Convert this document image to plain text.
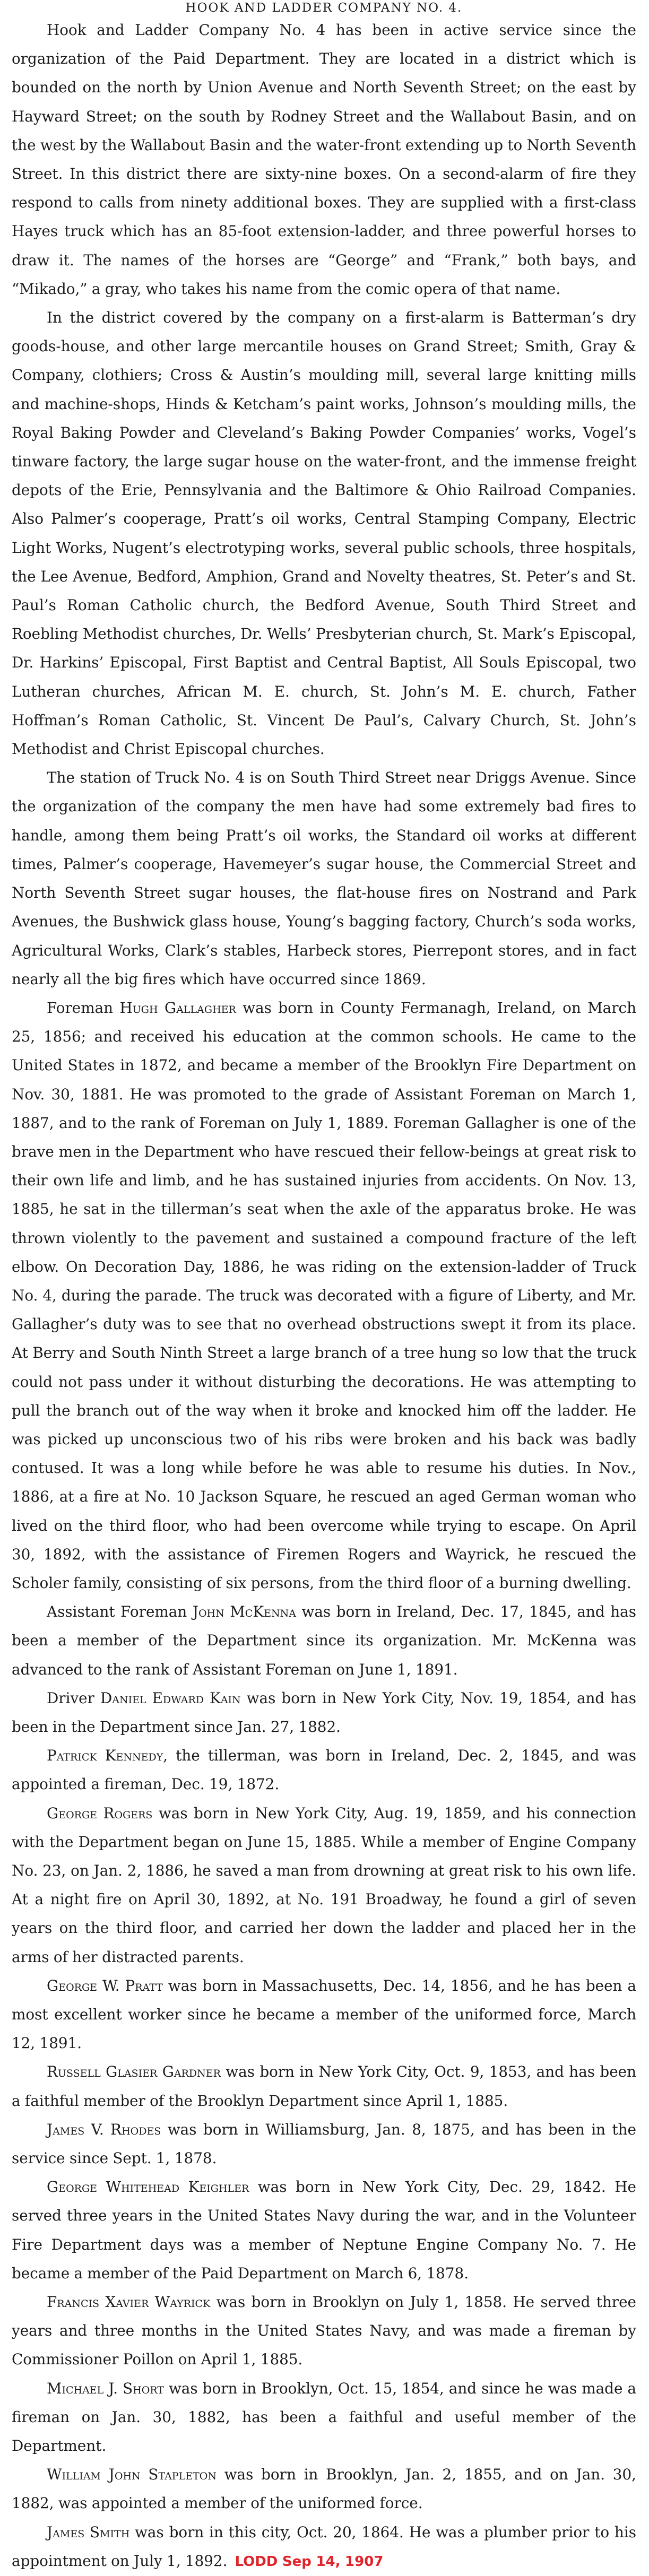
HOOK AND LADDER COMPANY NO. 4.

Hook and Ladder Company No. 4 has been in active service since the organization of the Paid Department. They are located in a district which is bounded on the north by Union Avenue and North Seventh Street; on the east by Hayward Street; on the south by Rodney Street and the Wallabout Basin, and on the west by the Wallabout Basin and the water-front extending up to North Seventh Street. In this district there are sixty-nine boxes. On a second-alarm of fire they respond to calls from ninety additional boxes. They are supplied with a first-class Hayes truck which has an 85-foot extension-ladder, and three powerful horses to draw it. The names of the horses are “George” and “Frank,” both bays, and “Mikado,” a gray, who takes his name from the comic opera of that name.

In the district covered by the company on a first-alarm is Batterman’s dry goods-house, and other large mercantile houses on Grand Street; Smith, Gray & Company, clothiers; Cross & Austin’s moulding mill, several large knitting mills and machine-shops, Hinds & Ketcham’s paint works, Johnson’s moulding mills, the Royal Baking Powder and Cleveland’s Baking Powder Companies’ works, Vogel’s tinware factory, the large sugar house on the water-front, and the immense freight depots of the Erie, Pennsylvania and the Baltimore & Ohio Railroad Companies. Also Palmer’s cooperage, Pratt’s oil works, Central Stamping Company, Electric Light Works, Nugent’s electrotyping works, several public schools, three hospitals, the Lee Avenue, Bedford, Amphion, Grand and Novelty theatres, St. Peter’s and St. Paul’s Roman Catholic church, the Bedford Avenue, South Third Street and Roebling Methodist churches, Dr. Wells’ Presbyterian church, St. Mark’s Episcopal, Dr. Harkins’ Episcopal, First Baptist and Central Baptist, All Souls Episcopal, two Lutheran churches, African M. E. church, St. John’s M. E. church, Father Hoffman’s Roman Catholic, St. Vincent De Paul’s, Calvary Church, St. John’s Methodist and Christ Episcopal churches.

The station of Truck No. 4 is on South Third Street near Driggs Avenue. Since the organization of the company the men have had some extremely bad fires to handle, among them being Pratt’s oil works, the Standard oil works at different times, Palmer’s cooperage, Havemeyer’s sugar house, the Commercial Street and North Seventh Street sugar houses, the flat-house fires on Nostrand and Park Avenues, the Bushwick glass house, Young’s bagging factory, Church’s soda works, Agricultural Works, Clark’s stables, Harbeck stores, Pierrepont stores, and in fact nearly all the big fires which have occurred since 1869.

Foreman Hugh Gallagher was born in County Fermanagh, Ireland, on March 25, 1856; and received his education at the common schools. He came to the United States in 1872, and became a member of the Brooklyn Fire Department on Nov. 30, 1881. He was promoted to the grade of Assistant Foreman on March 1, 1887, and to the rank of Foreman on July 1, 1889. Foreman Gallagher is one of the brave men in the Department who have rescued their fellow-beings at great risk to their own life and limb, and he has sustained injuries from accidents. On Nov. 13, 1885, he sat in the tillerman’s seat when the axle of the apparatus broke. He was thrown violently to the pavement and sustained a compound fracture of the left elbow. On Decoration Day, 1886, he was riding on the extension-ladder of Truck No. 4, during the parade. The truck was decorated with a figure of Liberty, and Mr. Gallagher’s duty was to see that no overhead obstructions swept it from its place. At Berry and South Ninth Street a large branch of a tree hung so low that the truck could not pass under it without disturbing the decorations. He was attempting to pull the branch out of the way when it broke and knocked him off the ladder. He was picked up unconscious two of his ribs were broken and his back was badly contused. It was a long while before he was able to resume his duties. In Nov., 1886, at a fire at No. 10 Jackson Square, he rescued an aged German woman who lived on the third floor, who had been overcome while trying to escape. On April 30, 1892, with the assistance of Firemen Rogers and Wayrick, he rescued the Scholer family, consisting of six persons, from the third floor of a burning dwelling.

Assistant Foreman John McKenna was born in Ireland, Dec. 17, 1845, and has been a member of the Department since its organization. Mr. McKenna was advanced to the rank of Assistant Foreman on June 1, 1891.

Driver Daniel Edward Kain was born in New York City, Nov. 19, 1854, and has been in the Department since Jan. 27, 1882.

Patrick Kennedy, the tillerman, was born in Ireland, Dec. 2, 1845, and was appointed a fireman, Dec. 19, 1872.

George Rogers was born in New York City, Aug. 19, 1859, and his connection with the Department began on June 15, 1885. While a member of Engine Company No. 23, on Jan. 2, 1886, he saved a man from drowning at great risk to his own life. At a night fire on April 30, 1892, at No. 191 Broadway, he found a girl of seven years on the third floor, and carried her down the ladder and placed her in the arms of her distracted parents.

George W. Pratt was born in Massachusetts, Dec. 14, 1856, and he has been a most excellent worker since he became a member of the uniformed force, March 12, 1891.

Russell Glasier Gardner was born in New York City, Oct. 9, 1853, and has been a faithful member of the Brooklyn Department since April 1, 1885.

James V. Rhodes was born in Williamsburg, Jan. 8, 1875, and has been in the service since Sept. 1, 1878.

George Whitehead Keighler was born in New York City, Dec. 29, 1842. He served three years in the United States Navy during the war, and in the Volunteer Fire Department days was a member of Neptune Engine Company No. 7. He became a member of the Paid Department on March 6, 1878.

Francis Xavier Wayrick was born in Brooklyn on July 1, 1858. He served three years and three months in the United States Navy, and was made a fireman by Commissioner Poillon on April 1, 1885.

Michael J. Short was born in Brooklyn, Oct. 15, 1854, and since he was made a fireman on Jan. 30, 1882, has been a faithful and useful member of the Department.

William John Stapleton was born in Brooklyn, Jan. 2, 1855, and on Jan. 30, 1882, was appointed a member of the uniformed force.

James Smith was born in this city, Oct. 20, 1864. He was a plumber prior to his appointment on July 1, 1892. LODD Sep 14, 1907
